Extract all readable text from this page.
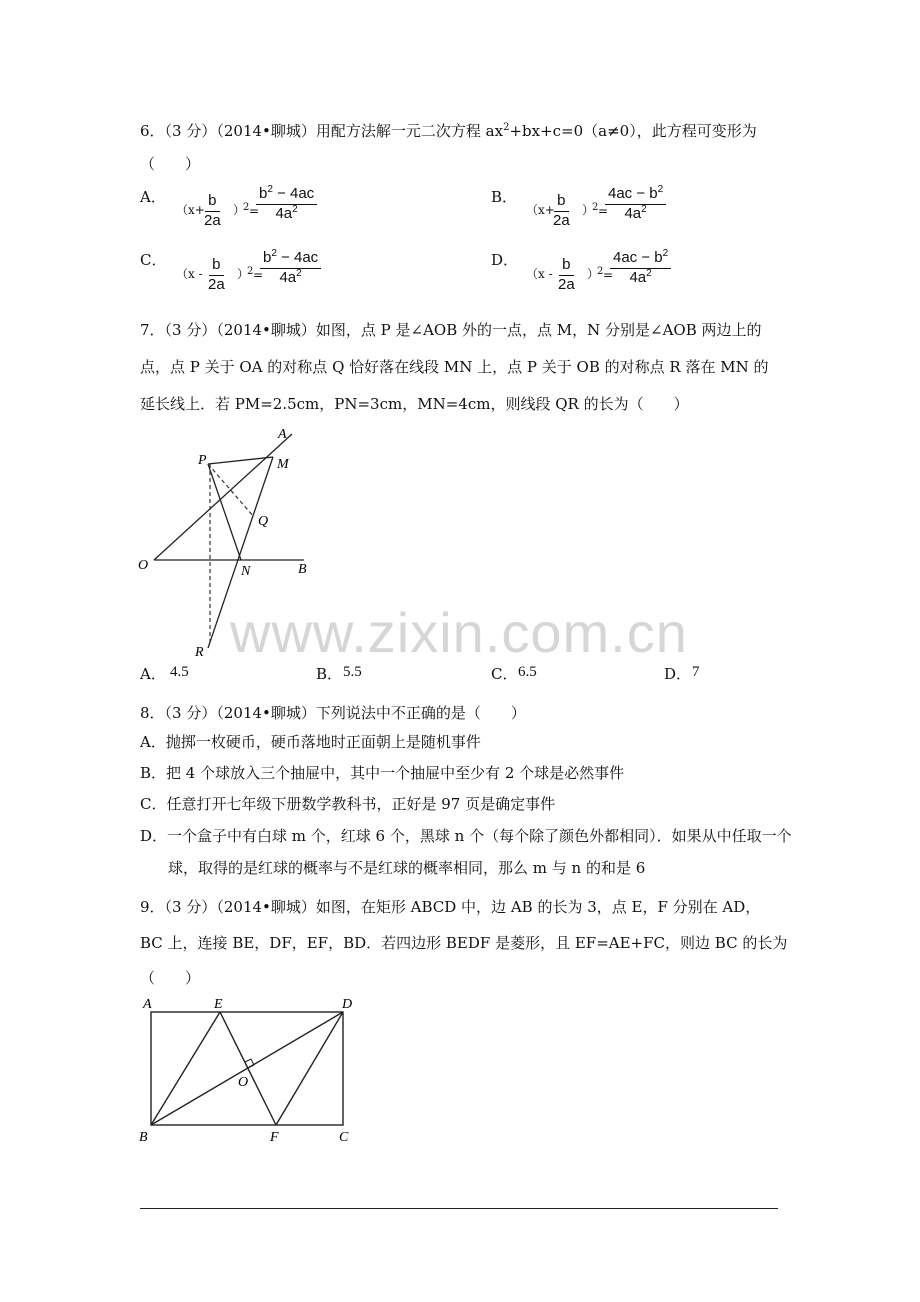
www.zixin.com.cn
6．（3 分）（2014•聊城）用配方法解一元二次方程 $ax^2+bx+c=0(a\ne 0)$，此方程可变形为
（　　）
A．
（$x+ \frac{b}{2a}$ ）
2 =
$\frac{b^2 - 4ac}{4a^2}$	B．
（x+
$\frac{b}{2a}$ ）
2 =
$\frac{4ac - b^2}{4a^2}$
C．
（$x - \frac{b}{2a}$ ）
2 =
$\frac{b^2 - 4ac}{4a^2}$	D．
（$x - \frac{b}{2a}$ ）
2 =
$\frac{4ac - b^2}{4a^2}$
7．（3 分）（2014•聊城）如图，点 P 是∠AOB 外的一点，点 M，N 分别是∠AOB 两边上的
点，点 P 关于 OA 的对称点 Q 恰好落在线段 MN 上，点 P 关于 OB 的对称点 R 落在 MN 的
延长线上．若 PM=2.5cm，PN=3cm，MN=4cm，则线段 QR 的长为（　　）
A
P	M
Q
O	N	B
R
A． 4.5	B． 5.5	C． 6.5	D． 7
8．（3 分）（2014•聊城）下列说法中不正确的是（　　）
A．抛掷一枚硬币，硬币落地时正面朝上是随机事件
B．把 4 个球放入三个抽屉中，其中一个抽屉中至少有 2 个球是必然事件
C．任意打开七年级下册数学教科书，正好是 97 页是确定事件
D．一个盒子中有白球 m 个，红球 6 个，黑球 n 个（每个除了颜色外都相同）．如果从中任取一个
球，取得的是红球的概率与不是红球的概率相同，那么 m 与 n 的和是 6
9．（3 分）（2014•聊城）如图，在矩形 ABCD 中，边 AB 的长为 3，点 E，F 分别在 AD，
BC 上，连接 BE，DF，EF，BD．若四边形 BEDF 是菱形，且 EF=AE+FC，则边 BC 的长为
（　　）
A	E	D
O
B	F	C
